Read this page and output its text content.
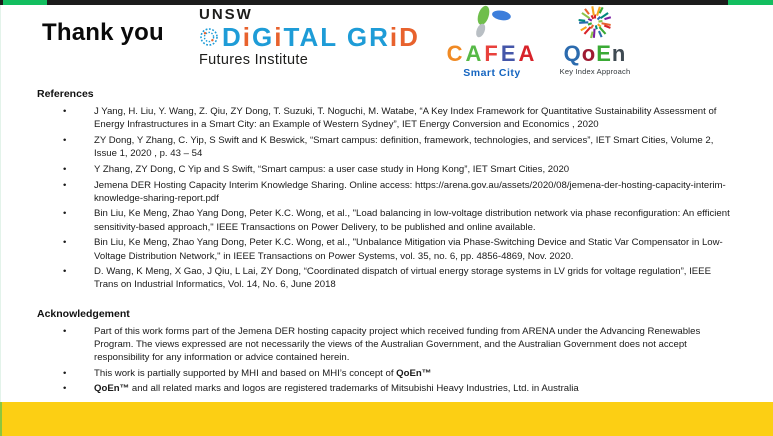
Thank you
UNSW
DiGiTAL GRiD
Futures Institute	CAFEA
Smart City
QoEn
Key Index Approach
References
• J Yang, H. Liu, Y. Wang, Z. Qiu, ZY Dong, T. Suzuki, T. Noguchi, M. Watabe, “A Key Index Framework for Quantitative Sustainability Assessment of Energy Infrastructures in a Smart City: an Example of Western Sydney”, IET Energy Conversion and Economics , 2020
• ZY Dong, Y Zhang, C. Yip, S Swift and K Beswick, “Smart campus: definition, framework, technologies, and services”, IET Smart Cities, Volume 2, Issue 1, 2020 , p. 43 – 54
• Y Zhang, ZY Dong, C Yip and S Swift, “Smart campus: a user case study in Hong Kong”, IET Smart Cities, 2020
• Jemena DER Hosting Capacity Interim Knowledge Sharing. Online access: https://arena.gov.au/assets/2020/08/jemena-der-hosting-capacity-interim-knowledge-sharing-report.pdf
• Bin Liu, Ke Meng, Zhao Yang Dong, Peter K.C. Wong, et al., "Load balancing in low-voltage distribution network via phase reconfiguration: An efficient sensitivity-based approach," IEEE Transactions on Power Delivery, to be published and online available.
• Bin Liu, Ke Meng, Zhao Yang Dong, Peter K.C. Wong, et al., "Unbalance Mitigation via Phase-Switching Device and Static Var Compensator in Low-Voltage Distribution Network," in IEEE Transactions on Power Systems, vol. 35, no. 6, pp. 4856-4869, Nov. 2020.
• D. Wang, K Meng, X Gao, J Qiu, L Lai, ZY Dong, “Coordinated dispatch of virtual energy storage systems in LV grids for voltage regulation”, IEEE Trans on Industrial Informatics, Vol. 14, No. 6, June 2018
Acknowledgement
• Part of this work forms part of the Jemena DER hosting capacity project which received funding from ARENA under the Advancing Renewables Program. The views expressed are not necessarily the views of the Australian Government, and the Australian Government does not accept responsibility for any information or advice contained herein.
• This work is partially supported by MHI and based on MHI’s concept of QoEn™
• QoEn™ and all related marks and logos are registered trademarks of Mitsubishi Heavy Industries, Ltd. in Australia
